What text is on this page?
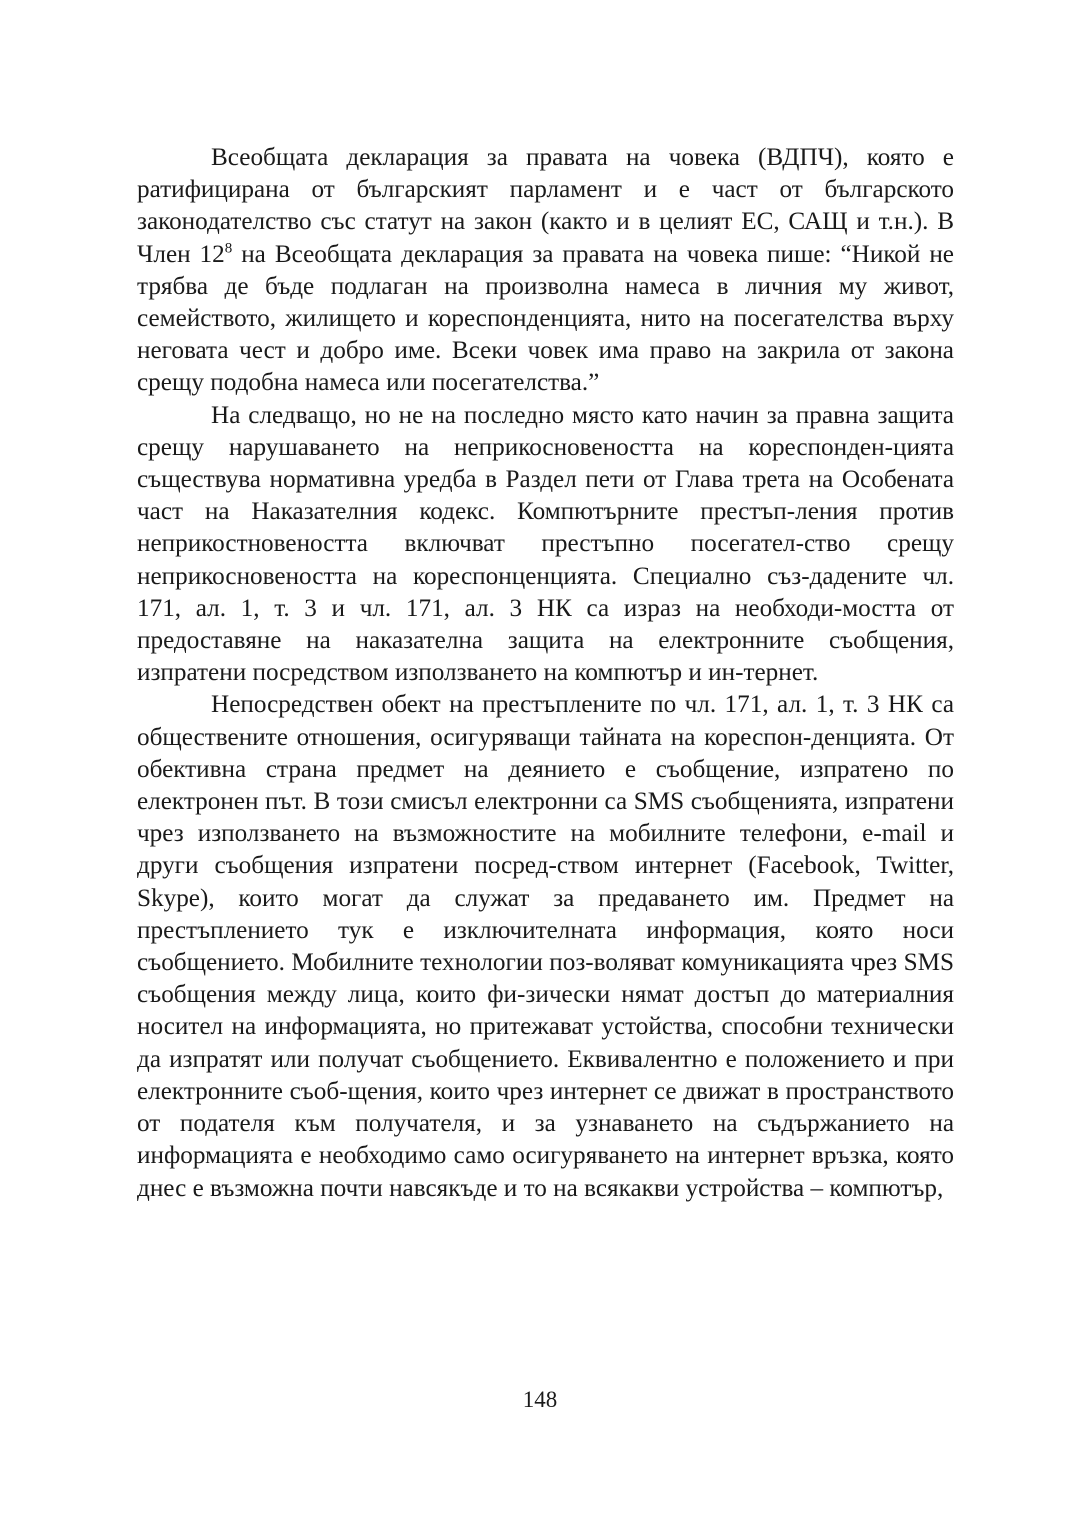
Всеобщата декларация за правата на човека (ВДПЧ), която е ратифицирана от българският парламент и е част от българското законодателство със статут на закон (както и в целият ЕС, САЩ и т.н.). В Член $12^8$ на Всеобщата декларация за правата на човека пише: “Никой не трябва де бъде подлаган на произволна намеса в личния му живот, семейството, жилището и кореспонденцията, нито на посегателства върху неговата чест и добро име. Всеки човек има право на закрила от закона срещу подобна намеса или посегателства.”

На следващо, но не на последно място като начин за правна защита срещу нарушаването на неприкосновеността на кореспонден-цията съществува нормативна уредба в Раздел пети от Глава трета на Особената част на Наказателния кодекс. Компютърните престъп-ления против неприкостновеността включват престъпно посегател-ство срещу неприкосновеността на кореспонценцията. Специално съз-дадените чл. 171, ал. 1, т. 3 и чл. 171, ал. 3 НК са израз на необходи-мостта от предоставяне на наказателна защита на електронните съобщения, изпратени посредством използването на компютър и ин-тернет.

Непосредствен обект на престъплените по чл. 171, ал. 1, т. 3 НК са обществените отношения, осигуряващи тайната на кореспон-денцията. От обективна страна предмет на деянието е съобщение, изпратено по електронен път. В този смисъл електронни са SMS съобщенията, изпратени чрез използването на възможностите на мобилните телефони, e-mail и други съобщения изпратени посред-ством интернет (Facebook, Twitter, Skype), които могат да служат за предаването им. Предмет на престъплението тук е изключителната информация, която носи съобщението. Мобилните технологии поз-воляват комуникацията чрез SMS съобщения между лица, които фи-зически нямат достъп до материалния носител на информацията, но притежават устойства, способни технически да изпратят или получат съобщението. Еквивалентно е положението и при електронните съоб-щения, които чрез интернет се движат в пространството от подателя към получателя, и за узнаването на съдържанието на информацията е необходимо само осигуряването на интернет връзка, която днес е възможна почти навсякъде и то на всякакви устройства – компютър,

148
